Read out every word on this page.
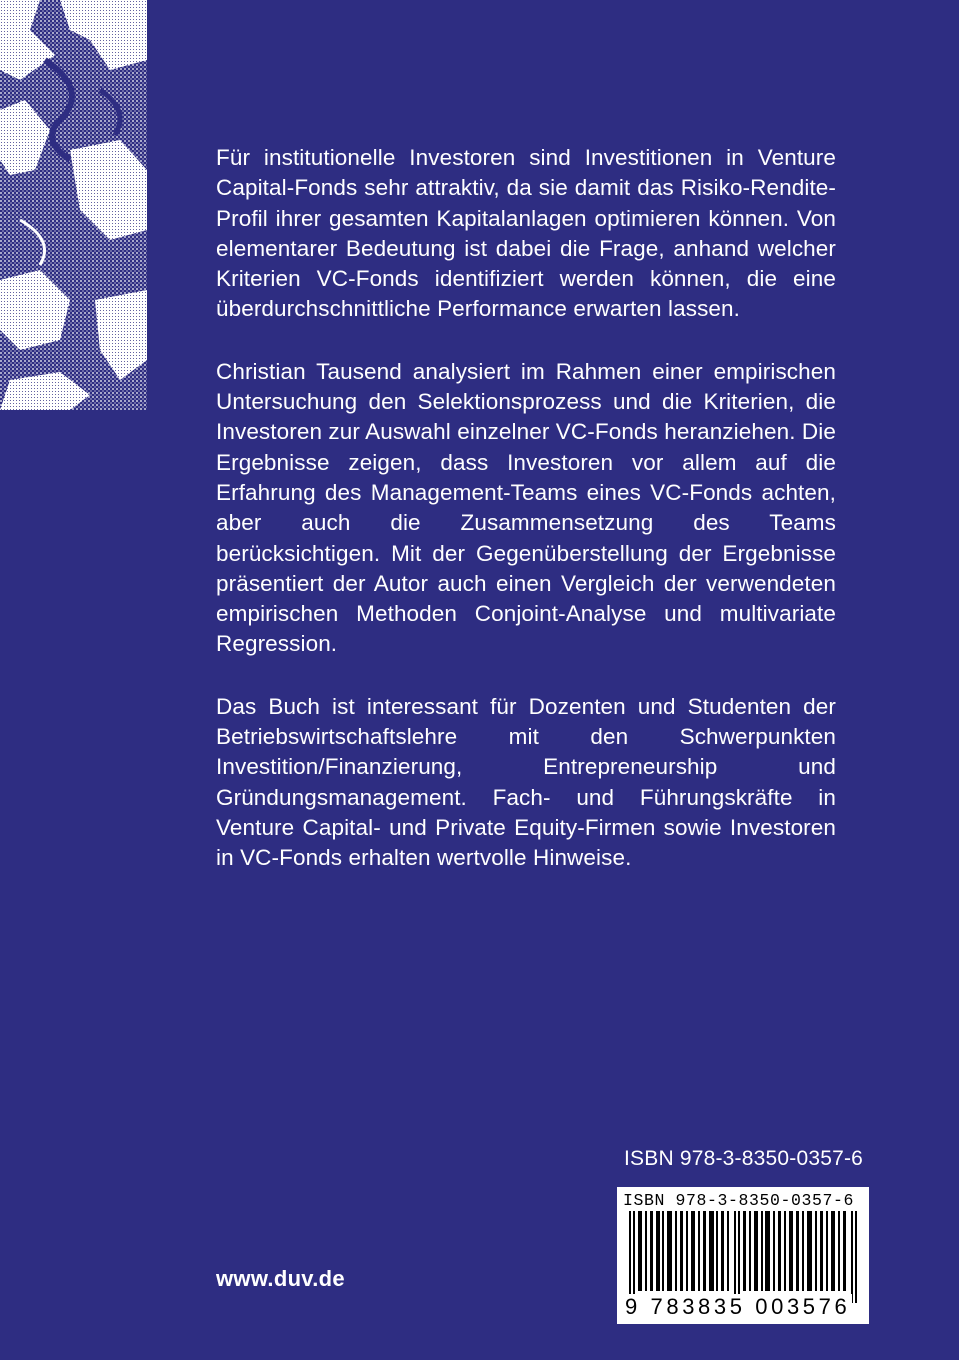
Für institutionelle Investoren sind Investitionen in Venture Capital-Fonds sehr attraktiv, da sie damit das Risiko-Rendite-Profil ihrer gesamten Kapitalanlagen optimieren können. Von elementarer Bedeutung ist dabei die Frage, anhand welcher Kriterien VC-Fonds identifiziert werden können, die eine überdurchschnittliche Performance erwarten lassen.

Christian Tausend analysiert im Rahmen einer empirischen Untersuchung den Selektionsprozess und die Kriterien, die Investoren zur Auswahl einzelner VC-Fonds heranziehen. Die Ergebnisse zeigen, dass Investoren vor allem auf die Erfahrung des Management-Teams eines VC-Fonds achten, aber auch die Zusammensetzung des Teams berücksichtigen. Mit der Gegenüberstellung der Ergebnisse präsentiert der Autor auch einen Vergleich der verwendeten empirischen Methoden Conjoint-Analyse und multivariate Regression.

Das Buch ist interessant für Dozenten und Studenten der Betriebswirtschaftslehre mit den Schwerpunkten Investition/Finanzierung, Entrepreneurship und Gründungsmanagement. Fach- und Führungskräfte in Venture Capital- und Private Equity-Firmen sowie Investoren in VC-Fonds erhalten wertvolle Hinweise.

ISBN 978-3-8350-0357-6
ISBN 978-3-8350-0357-6
9 783835 003576
www.duv.de
